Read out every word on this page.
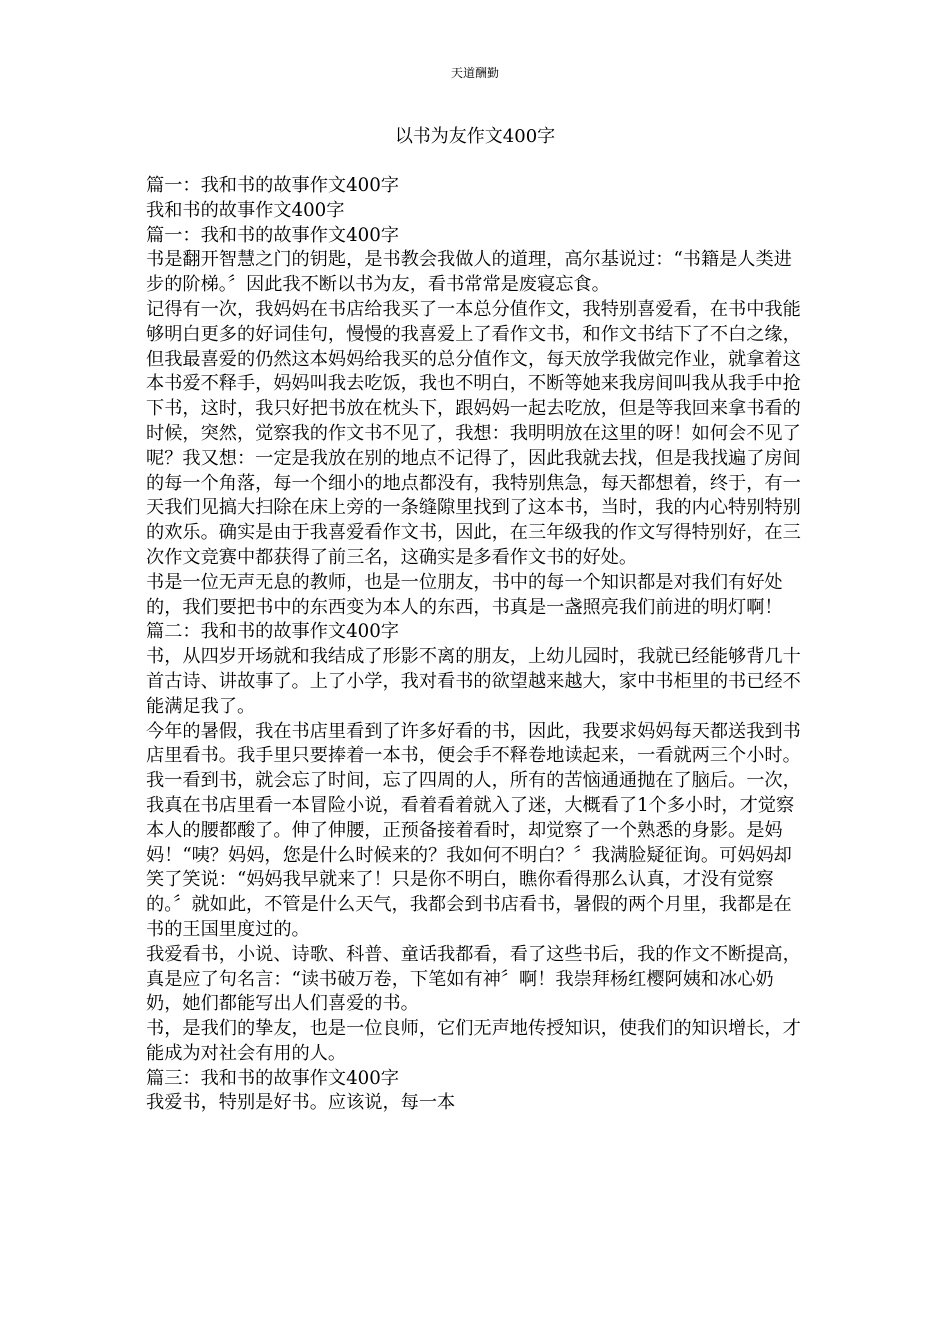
天道酬勤
以书为友作文400字

篇一：我和书的故事作文400字

我和书的故事作文400字

篇一：我和书的故事作文400字

书是翻开智慧之门的钥匙，是书教会我做人的道理，高尔基说过：“书籍是人类进步的阶梯。〞因此我不断以书为友，看书常常是废寝忘食。

记得有一次，我妈妈在书店给我买了一本总分值作文，我特别喜爱看，在书中我能够明白更多的好词佳句，慢慢的我喜爱上了看作文书，和作文书结下了不白之缘，但我最喜爱的仍然这本妈妈给我买的总分值作文，每天放学我做完作业，就拿着这本书爱不释手，妈妈叫我去吃饭，我也不明白，不断等她来我房间叫我从我手中抢下书，这时，我只好把书放在枕头下，跟妈妈一起去吃放，但是等我回来拿书看的时候，突然，觉察我的作文书不见了，我想：我明明放在这里的呀！如何会不见了呢？我又想：一定是我放在别的地点不记得了，因此我就去找，但是我找遍了房间的每一个角落，每一个细小的地点都没有，我特别焦急，每天都想着，终于，有一天我们见搞大扫除在床上旁的一条缝隙里找到了这本书，当时，我的内心特别特别的欢乐。确实是由于我喜爱看作文书，因此，在三年级我的作文写得特别好，在三次作文竞赛中都获得了前三名，这确实是多看作文书的好处。

书是一位无声无息的教师，也是一位朋友，书中的每一个知识都是对我们有好处的，我们要把书中的东西变为本人的东西，书真是一盏照亮我们前进的明灯啊！

篇二：我和书的故事作文400字

书，从四岁开场就和我结成了形影不离的朋友，上幼儿园时，我就已经能够背几十首古诗、讲故事了。上了小学，我对看书的欲望越来越大，家中书柜里的书已经不能满足我了。

今年的暑假，我在书店里看到了许多好看的书，因此，我要求妈妈每天都送我到书店里看书。我手里只要捧着一本书，便会手不释卷地读起来，一看就两三个小时。我一看到书，就会忘了时间，忘了四周的人，所有的苦恼通通抛在了脑后。一次，我真在书店里看一本冒险小说，看着看着就入了迷，大概看了1个多小时，才觉察本人的腰都酸了。伸了伸腰，正预备接着看时，却觉察了一个熟悉的身影。是妈妈！“咦？妈妈，您是什么时候来的？我如何不明白？〞我满脸疑征询。可妈妈却笑了笑说：“妈妈我早就来了！只是你不明白，瞧你看得那么认真，才没有觉察的。〞就如此，不管是什么天气，我都会到书店看书，暑假的两个月里，我都是在书的王国里度过的。

我爱看书，小说、诗歌、科普、童话我都看，看了这些书后，我的作文不断提高，真是应了句名言：“读书破万卷，下笔如有神〞啊！我崇拜杨红樱阿姨和冰心奶奶，她们都能写出人们喜爱的书。

书，是我们的挚友，也是一位良师，它们无声地传授知识，使我们的知识增长，才

能成为对社会有用的人。

篇三：我和书的故事作文400字

我爱书，特别是好书。应该说，每一本
